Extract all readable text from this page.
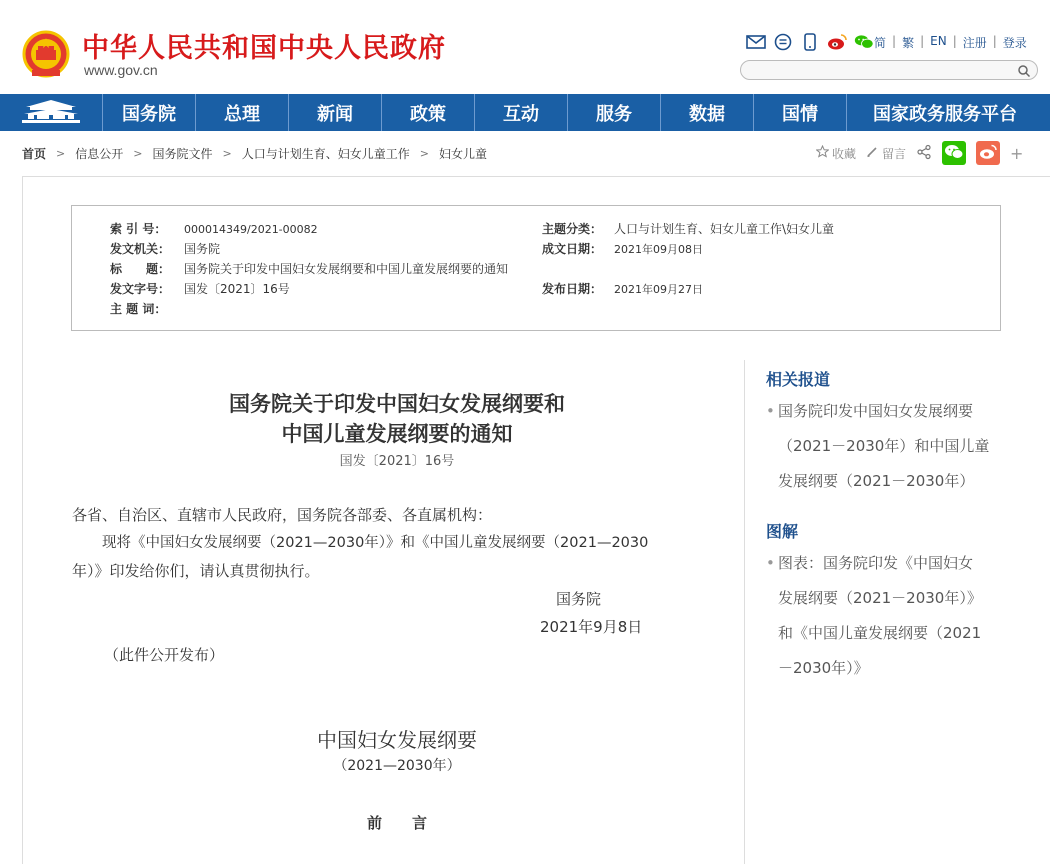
中华人民共和国中央人民政府
www.gov.cn
简 | 繁 | EN | 注册 | 登录
国务院	总理	新闻	政策	互动	服务	数据	国情	国家政务服务平台
首页 > 信息公开 > 国务院文件 > 人口与计划生育、妇女儿童工作 > 妇女儿童	收藏 留言	+
索 引 号： 000014349/2021-00082	主题分类： 人口与计划生育、妇女儿童工作\妇女儿童
发文机关： 国务院	成文日期： 2021年09月08日
标　　题： 国务院关于印发中国妇女发展纲要和中国儿童发展纲要的通知
发文字号： 国发〔2021〕16号	发布日期： 2021年09月27日
主 题 词：
国务院关于印发中国妇女发展纲要和
中国儿童发展纲要的通知
国发〔2021〕16号
各省、自治区、直辖市人民政府，国务院各部委、各直属机构：
现将《中国妇女发展纲要（2021—2030年）》和《中国儿童发展纲要（2021—2030
年）》印发给你们，请认真贯彻执行。
国务院
2021年9月8日
（此件公开发布）
中国妇女发展纲要
（2021—2030年）
前　　言
相关报道
• 国务院印发中国妇女发展纲要
（2021－2030年）和中国儿童
发展纲要（2021－2030年）
图解
• 图表：国务院印发《中国妇女
发展纲要（2021－2030年）》
和《中国儿童发展纲要（2021
－2030年）》
